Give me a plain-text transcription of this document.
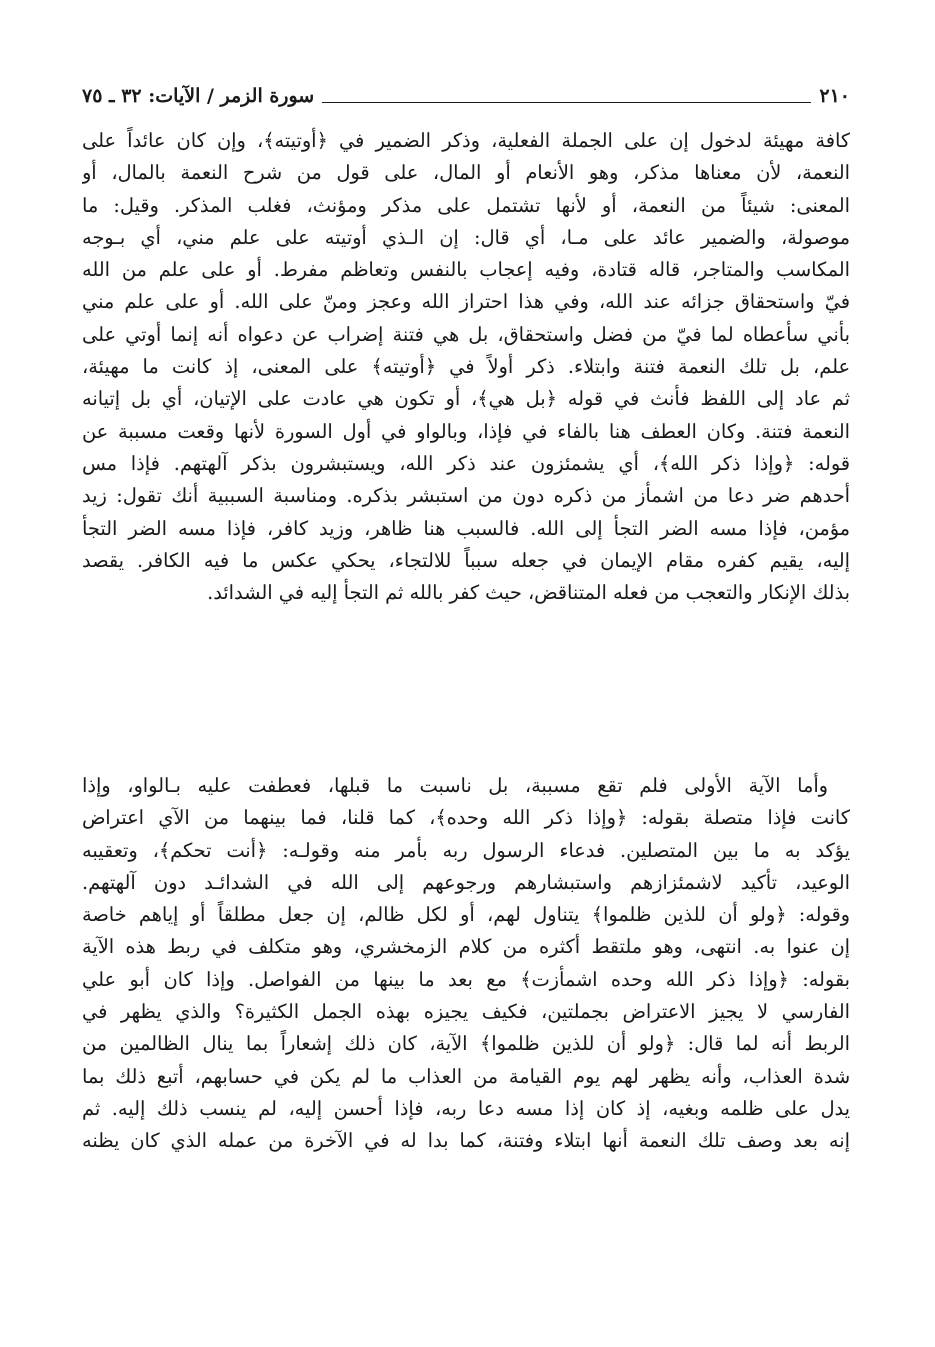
٢١٠
سورة الزمر / الآيات: ٣٢ ـ ٧٥
كافة مهيئة لدخول إن على الجملة الفعلية، وذكر الضمير في ﴿أوتيته﴾، وإن كان عائداً على
النعمة، لأن معناها مذكر، وهو الأنعام أو المال، على قول من شرح النعمة بالمال، أو
المعنى: شيئاً من النعمة، أو لأنها تشتمل على مذكر ومؤنث، فغلب المذكر. وقيل: ما
موصولة، والضمير عائد على مـا، أي قال: إن الـذي أوتيته على علم مني، أي بـوجه
المكاسب والمتاجر، قاله قتادة، وفيه إعجاب بالنفس وتعاظم مفرط. أو على علم من الله
فيّ واستحقاق جزائه عند الله، وفي هذا احتراز الله وعجز ومنّ على الله. أو على علم مني
بأني سأعطاه لما فيّ من فضل واستحقاق، بل هي فتنة إضراب عن دعواه أنه إنما أوتي على
علم، بل تلك النعمة فتنة وابتلاء. ذكر أولاً في ﴿أوتيته﴾ على المعنى، إذ كانت ما مهيئة،
ثم عاد إلى اللفظ فأنث في قوله ﴿بل هي﴾، أو تكون هي عادت على الإتيان، أي بل إتيانه
النعمة فتنة. وكان العطف هنا بالفاء في فإذا، وبالواو في أول السورة لأنها وقعت مسببة عن
قوله: ﴿وإذا ذكر الله﴾، أي يشمئزون عند ذكر الله، ويستبشرون بذكر آلهتهم. فإذا مس
أحدهم ضر دعا من اشمأز من ذكره دون من استبشر بذكره. ومناسبة السببية أنك تقول: زيد
مؤمن، فإذا مسه الضر التجأ إلى الله. فالسبب هنا ظاهر، وزيد كافر، فإذا مسه الضر التجأ
إليه، يقيم كفره مقام الإيمان في جعله سبباً للالتجاء، يحكي عكس ما فيه الكافر. يقصد
بذلك الإنكار والتعجب من فعله المتناقض، حيث كفر بالله ثم التجأ إليه في الشدائد.
وأما الآية الأولى فلم تقع مسببة، بل ناسبت ما قبلها، فعطفت عليه بـالواو، وإذا
كانت فإذا متصلة بقوله: ﴿وإذا ذكر الله وحده﴾، كما قلنا، فما بينهما من الآي اعتراض
يؤكد به ما بين المتصلين. فدعاء الرسول ربه بأمر منه وقولـه: ﴿أنت تحكم﴾، وتعقيبه
الوعيد، تأكيد لاشمئزازهم واستبشارهم ورجوعهم إلى الله في الشدائـد دون آلهتهم.
وقوله: ﴿ولو أن للذين ظلموا﴾ يتناول لهم، أو لكل ظالم، إن جعل مطلقاً أو إياهم خاصة
إن عنوا به. انتهى، وهو ملتقط أكثره من كلام الزمخشري، وهو متكلف في ربط هذه الآية
بقوله: ﴿وإذا ذكر الله وحده اشمأزت﴾ مع بعد ما بينها من الفواصل. وإذا كان أبو علي
الفارسي لا يجيز الاعتراض بجملتين، فكيف يجيزه بهذه الجمل الكثيرة؟ والذي يظهر في
الربط أنه لما قال: ﴿ولو أن للذين ظلموا﴾ الآية، كان ذلك إشعاراً بما ينال الظالمين من
شدة العذاب، وأنه يظهر لهم يوم القيامة من العذاب ما لم يكن في حسابهم، أتبع ذلك بما
يدل على ظلمه وبغيه، إذ كان إذا مسه دعا ربه، فإذا أحسن إليه، لم ينسب ذلك إليه. ثم
إنه بعد وصف تلك النعمة أنها ابتلاء وفتنة، كما بدا له في الآخرة من عمله الذي كان يظنه
